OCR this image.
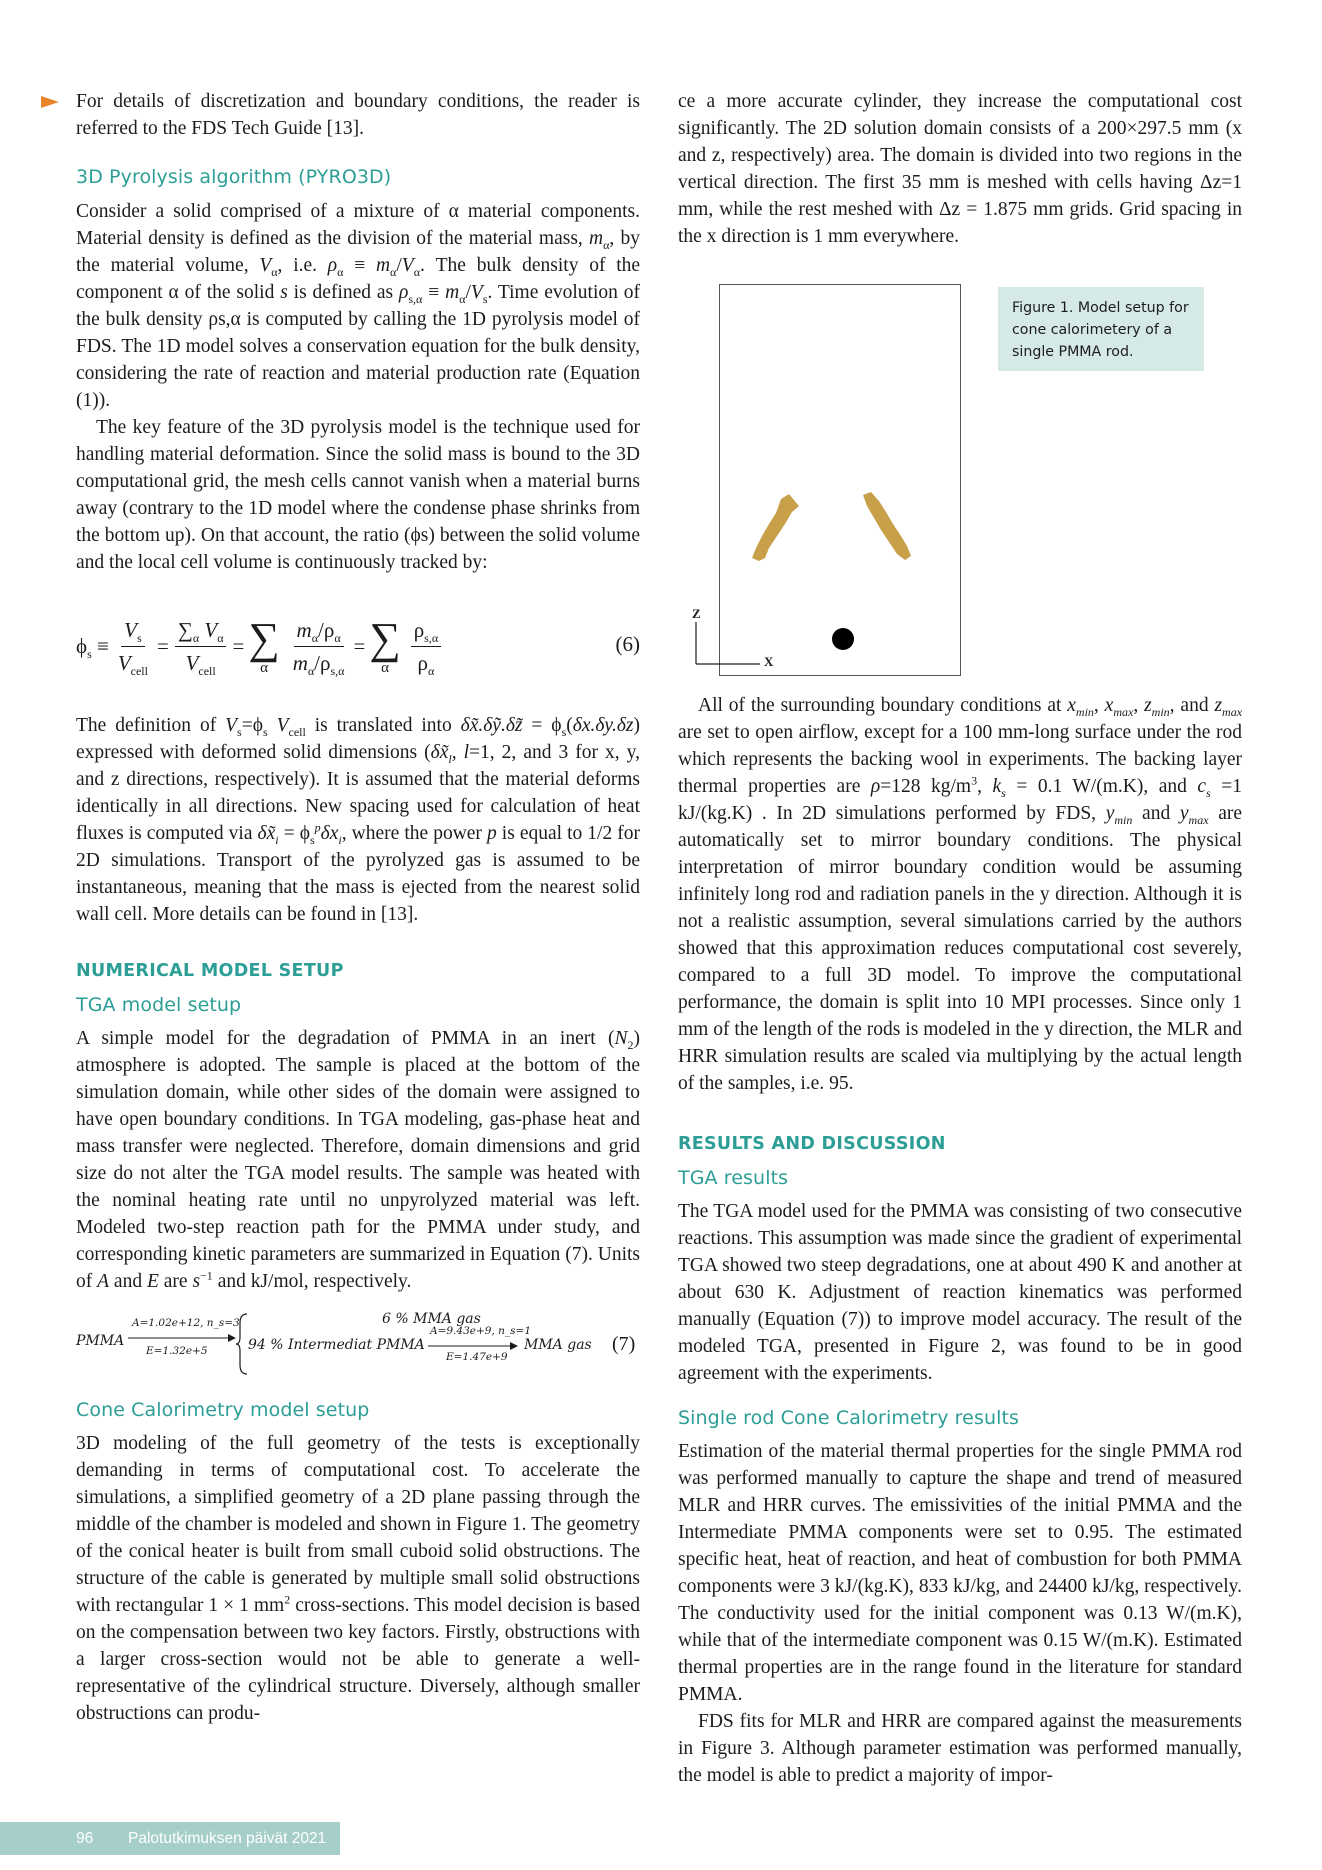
For details of discretization and boundary conditions, the reader is referred to the FDS Tech Guide [13].

3D Pyrolysis algorithm (PYRO3D)

Consider a solid comprised of a mixture of α material components. Material density is defined as the division of the material mass, $m_\alpha$, by the material volume, $V_\alpha$, i.e. $\rho_\alpha \equiv m_\alpha/V_\alpha$. The bulk density of the component α of the solid s is defined as $\rho_{s,\alpha} \equiv m_\alpha/V_s$. Time evolution of the bulk density ρs,α is computed by calling the 1D pyrolysis model of FDS. The 1D model solves a conservation equation for the bulk density, considering the rate of reaction and material production rate (Equation (1)).

The key feature of the 3D pyrolysis model is the technique used for handling material deformation. Since the solid mass is bound to the 3D computational grid, the mesh cells cannot vanish when a material burns away (contrary to the 1D model where the condense phase shrinks from the bottom up). On that account, the ratio (ϕs) between the solid volume and the local cell volume is continuously tracked by:

$\phi_s \equiv \frac{V_s}{V_{cell}} = \frac{\sum_\alpha V_\alpha}{V_{cell}}$ = ∑
α $\frac{m_\alpha/\rho_\alpha}{m_\alpha/\rho_{s,\alpha}}$ = ∑
α $\frac{\rho_{s,\alpha}}{\rho_\alpha}$	(6)

The definition of $V_s=\phi_s$ $V_{cell}$ is translated into δx̃.δỹ.δz̃ = $\phi_s(\delta x.\delta y.\delta z)$ expressed with deformed solid dimensions ($\delta x̃_l$, l=1, 2, and 3 for x, y, and z directions, respectively). It is assumed that the material deforms identically in all directions. New spacing used for calculation of heat fluxes is computed via $\delta x̃_i = \phi_s^p\delta x_i$, where the power p is equal to 1/2 for 2D simulations. Transport of the pyrolyzed gas is assumed to be instantaneous, meaning that the mass is ejected from the nearest solid wall cell. More details can be found in [13].

NUMERICAL MODEL SETUP
TGA model setup

A simple model for the degradation of PMMA in an inert $(N_2)$ atmosphere is adopted. The sample is placed at the bottom of the simulation domain, while other sides of the domain were assigned to have open boundary conditions. In TGA modeling, gas-phase heat and mass transfer were neglected. Therefore, domain dimensions and grid size do not alter the TGA model results. The sample was heated with the nominal heating rate until no unpyrolyzed material was left. Modeled two-step reaction path for the PMMA under study, and corresponding kinetic parameters are summarized in Equation (7). Units of A and E are $s^{-1}$ and kJ/mol, respectively.

PMMA
A=1.02e+12, n_s=3
E=1.32e+5
6 % MMA gas
94 % Intermediat PMMA
A=9.43e+9, n_s=1
E=1.47e+9
MMA gas (7)
Cone Calorimetry model setup

3D modeling of the full geometry of the tests is exceptionally demanding in terms of computational cost. To accelerate the simulations, a simplified geometry of a 2D plane passing through the middle of the chamber is modeled and shown in Figure 1. The geometry of the conical heater is built from small cuboid solid obstructions. The structure of the cable is generated by multiple small solid obstructions with rectangular 1 × 1 $mm^2$ cross-sections. This model decision is based on the compensation between two key factors. Firstly, obstructions with a larger cross-section would not be able to generate a well-representative of the cylindrical structure. Diversely, although smaller obstructions can produ-

ce a more accurate cylinder, they increase the computational cost significantly. The 2D solution domain consists of a 200×297.5 mm (x and z, respectively) area. The domain is divided into two regions in the vertical direction. The first 35 mm is meshed with cells having Δz=1 mm, while the rest meshed with Δz = 1.875 mm grids. Grid spacing in the x direction is 1 mm everywhere.

Figure 1. Model setup for cone calorimetery of a single PMMA rod.
Z
X

All of the surrounding boundary conditions at $x_{min}$, $x_{max}$, $z_{min}$, and $z_{max}$ are set to open airflow, except for a 100 mm-long surface under the rod which represents the backing wool in experiments. The backing layer thermal properties are ρ=128 $kg/m^3$, $k_s = 0.1$ W/(m.K), and $c_s =1$ kJ/(kg.K) . In 2D simulations performed by FDS, $y_{min}$ and $y_{max}$ are automatically set to mirror boundary conditions. The physical interpretation of mirror boundary condition would be assuming infinitely long rod and radiation panels in the y direction. Although it is not a realistic assumption, several simulations carried by the authors showed that this approximation reduces computational cost severely, compared to a full 3D model. To improve the computational performance, the domain is split into 10 MPI processes. Since only 1 mm of the length of the rods is modeled in the y direction, the MLR and HRR simulation results are scaled via multiplying by the actual length of the samples, i.e. 95.

RESULTS AND DISCUSSION
TGA results

The TGA model used for the PMMA was consisting of two consecutive reactions. This assumption was made since the gradient of experimental TGA showed two steep degradations, one at about 490 K and another at about 630 K. Adjustment of reaction kinematics was performed manually (Equation (7)) to improve model accuracy. The result of the modeled TGA, presented in Figure 2, was found to be in good agreement with the experiments.

Single rod Cone Calorimetry results

Estimation of the material thermal properties for the single PMMA rod was performed manually to capture the shape and trend of measured MLR and HRR curves. The emissivities of the initial PMMA and the Intermediate PMMA components were set to 0.95. The estimated specific heat, heat of reaction, and heat of combustion for both PMMA components were 3 kJ/(kg.K), 833 kJ/kg, and 24400 kJ/kg, respectively. The conductivity used for the initial component was 0.13 W/(m.K), while that of the intermediate component was 0.15 W/(m.K). Estimated thermal properties are in the range found in the literature for standard PMMA.

FDS fits for MLR and HRR are compared against the measurements in Figure 3. Although parameter estimation was performed manually, the model is able to predict a majority of impor-

96 Palotutkimuksen päivät 2021
